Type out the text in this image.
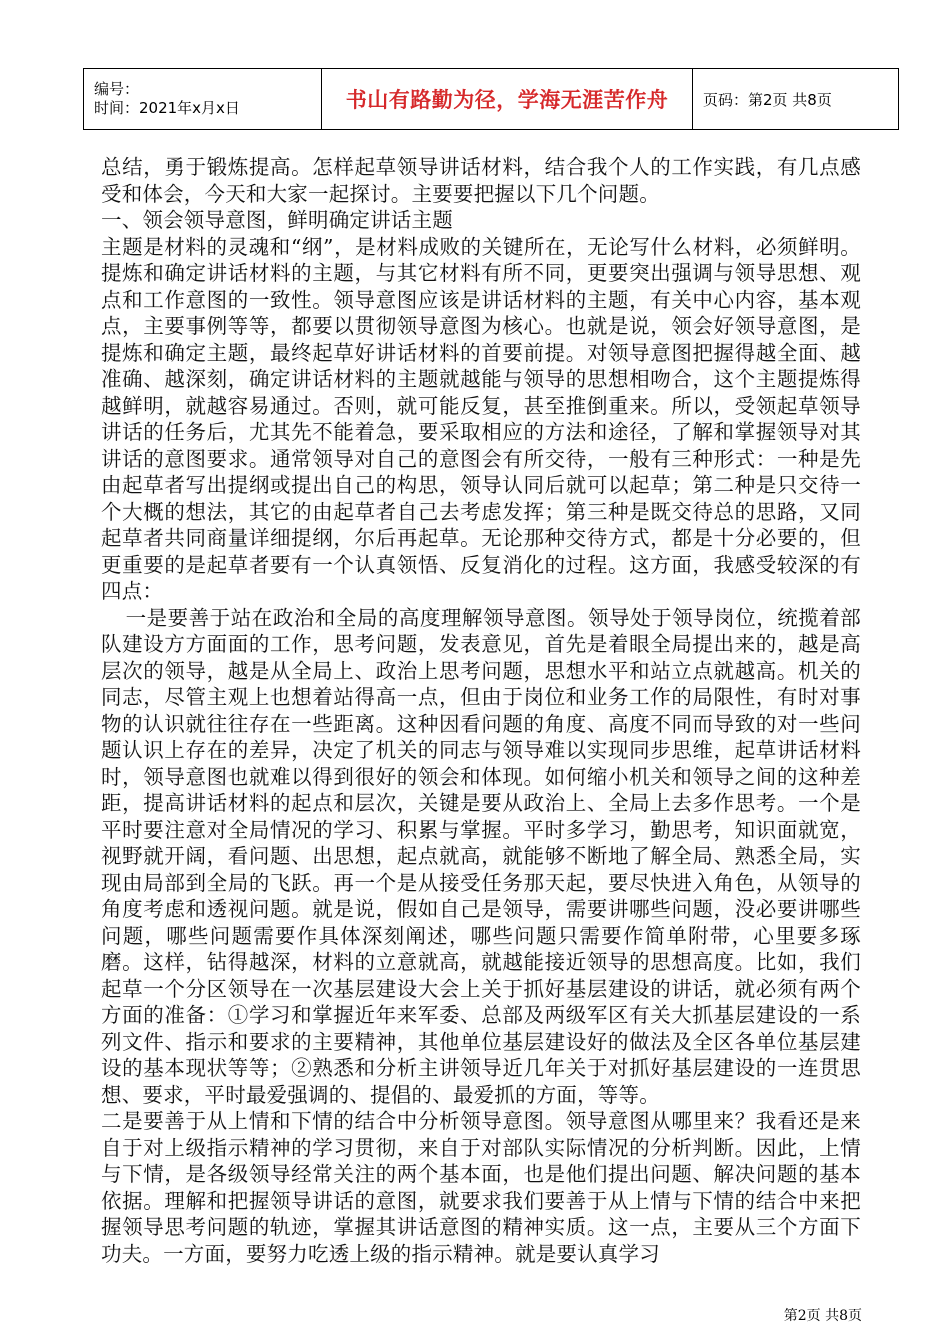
编号：
时间：2021年x月x日	书山有路勤为径，学海无涯苦作舟	页码：第2页 共8页

总结，勇于锻炼提高。怎样起草领导讲话材料，结合我个人的工作实践，有几点感受和体会，今天和大家一起探讨。主要要把握以下几个问题。

一、领会领导意图，鲜明确定讲话主题

主题是材料的灵魂和“纲”，是材料成败的关键所在，无论写什么材料，必须鲜明。提炼和确定讲话材料的主题，与其它材料有所不同，更要突出强调与领导思想、观点和工作意图的一致性。领导意图应该是讲话材料的主题，有关中心内容，基本观点，主要事例等等，都要以贯彻领导意图为核心。也就是说，领会好领导意图，是提炼和确定主题，最终起草好讲话材料的首要前提。对领导意图把握得越全面、越准确、越深刻，确定讲话材料的主题就越能与领导的思想相吻合，这个主题提炼得越鲜明，就越容易通过。否则，就可能反复，甚至推倒重来。所以，受领起草领导讲话的任务后，尤其先不能着急，要采取相应的方法和途径，了解和掌握领导对其讲话的意图要求。通常领导对自己的意图会有所交待，一般有三种形式：一种是先由起草者写出提纲或提出自己的构思，领导认同后就可以起草；第二种是只交待一个大概的想法，其它的由起草者自己去考虑发挥；第三种是既交待总的思路，又同起草者共同商量详细提纲，尔后再起草。无论那种交待方式，都是十分必要的，但更重要的是起草者要有一个认真领悟、反复消化的过程。这方面，我感受较深的有四点：

一是要善于站在政治和全局的高度理解领导意图。领导处于领导岗位，统揽着部队建设方方面面的工作，思考问题，发表意见，首先是着眼全局提出来的，越是高层次的领导，越是从全局上、政治上思考问题，思想水平和站立点就越高。机关的同志，尽管主观上也想着站得高一点，但由于岗位和业务工作的局限性，有时对事物的认识就往往存在一些距离。这种因看问题的角度、高度不同而导致的对一些问题认识上存在的差异，决定了机关的同志与领导难以实现同步思维，起草讲话材料时，领导意图也就难以得到很好的领会和体现。如何缩小机关和领导之间的这种差距，提高讲话材料的起点和层次，关键是要从政治上、全局上去多作思考。一个是平时要注意对全局情况的学习、积累与掌握。平时多学习，勤思考，知识面就宽，视野就开阔，看问题、出思想，起点就高，就能够不断地了解全局、熟悉全局，实现由局部到全局的飞跃。再一个是从接受任务那天起，要尽快进入角色，从领导的角度考虑和透视问题。就是说，假如自己是领导，需要讲哪些问题，没必要讲哪些问题，哪些问题需要作具体深刻阐述，哪些问题只需要作简单附带，心里要多琢磨。这样，钻得越深，材料的立意就高，就越能接近领导的思想高度。比如，我们起草一个分区领导在一次基层建设大会上关于抓好基层建设的讲话，就必须有两个方面的准备：①学习和掌握近年来军委、总部及两级军区有关大抓基层建设的一系列文件、指示和要求的主要精神，其他单位基层建设好的做法及全区各单位基层建设的基本现状等等；②熟悉和分析主讲领导近几年关于对抓好基层建设的一连贯思想、要求，平时最爱强调的、提倡的、最爱抓的方面，等等。

二是要善于从上情和下情的结合中分析领导意图。领导意图从哪里来？我看还是来自于对上级指示精神的学习贯彻，来自于对部队实际情况的分析判断。因此，上情与下情，是各级领导经常关注的两个基本面，也是他们提出问题、解决问题的基本依据。理解和把握领导讲话的意图，就要求我们要善于从上情与下情的结合中来把握领导思考问题的轨迹，掌握其讲话意图的精神实质。这一点，主要从三个方面下功夫。一方面，要努力吃透上级的指示精神。就是要认真学习

第2页 共8页
